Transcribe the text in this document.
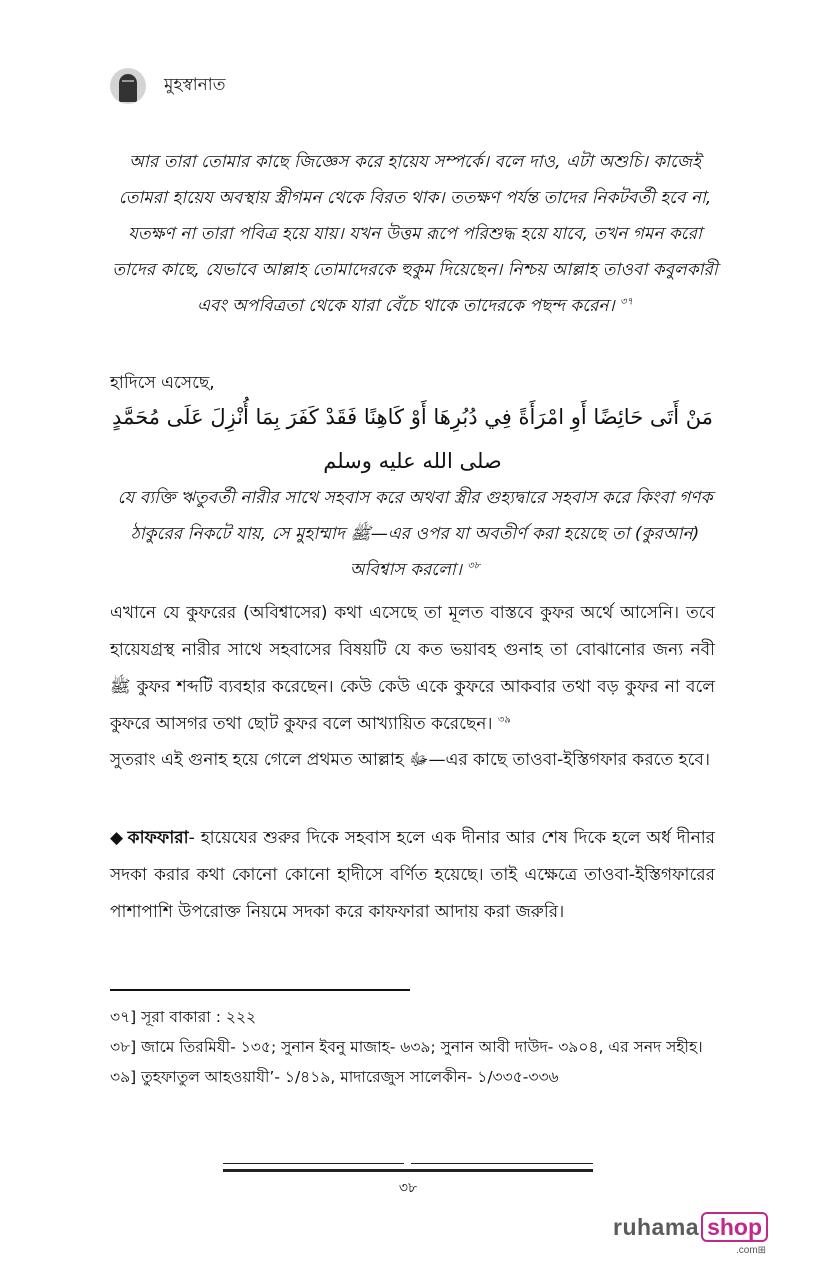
মুহস্বানাত
আর তারা তোমার কাছে জিজ্ঞেস করে হায়েয সম্পর্কে। বলে দাও, এটা অশুচি। কাজেই তোমরা হায়েয অবস্থায় স্ত্রীগমন থেকে বিরত থাক। ততক্ষণ পর্যন্ত তাদের নিকটবর্তী হবে না, যতক্ষণ না তারা পবিত্র হয়ে যায়। যখন উত্তম রূপে পরিশুদ্ধ হয়ে যাবে, তখন গমন করো তাদের কাছে, যেভাবে আল্লাহ তোমাদেরকে হুকুম দিয়েছেন। নিশ্চয় আল্লাহ তাওবা কবুলকারী এবং অপবিত্রতা থেকে যারা বেঁচে থাকে তাদেরকে পছন্দ করেন। $^{৩৭}$
হাদিসে এসেছে,
مَنْ أَتَى حَائِضًا أَوِ امْرَأَةً فِي دُبُرِهَا أَوْ كَاهِنًا فَقَدْ كَفَرَ بِمَا أُنْزِلَ عَلَى مُحَمَّدٍ صلى الله عليه وسلم
যে ব্যক্তি ঋতুবর্তী নারীর সাথে সহবাস করে অথবা স্ত্রীর গুহ্যদ্বারে সহবাস করে কিংবা গণক ঠাকুরের নিকটে যায়, সে মুহাম্মাদ ﷺ—এর ওপর যা অবতীর্ণ করা হয়েছে তা (কুরআন) অবিশ্বাস করলো। $^{৩৮}$
এখানে যে কুফরের (অবিশ্বাসের) কথা এসেছে তা মূলত বাস্তবে কুফর অর্থে আসেনি। তবে হায়েযগ্রস্থ নারীর সাথে সহবাসের বিষয়টি যে কত ভয়াবহ গুনাহ তা বোঝানোর জন্য নবী ﷺ কুফর শব্দটি ব্যবহার করেছেন। কেউ কেউ একে কুফরে আকবার তথা বড় কুফর না বলে কুফরে আসগর তথা ছোট কুফর বলে আখ্যায়িত করেছেন। $^{৩৯}$
সুতরাং এই গুনাহ হয়ে গেলে প্রথমত আল্লাহ ﷻ—এর কাছে তাওবা-ইস্তিগফার করতে হবে।
◆ কাফফারা- হায়েযের শুরুর দিকে সহবাস হলে এক দীনার আর শেষ দিকে হলে অর্ধ দীনার সদকা করার কথা কোনো কোনো হাদীসে বর্ণিত হয়েছে। তাই এক্ষেত্রে তাওবা-ইস্তিগফারের পাশাপাশি উপরোক্ত নিয়মে সদকা করে কাফফারা আদায় করা জরুরি।

৩৭] সূরা বাকারা : ২২২

৩৮] জামে তিরমিযী- ১৩৫; সুনান ইবনু মাজাহ- ৬৩৯; সুনান আবী দাউদ- ৩৯০৪, এর সনদ সহীহ।

৩৯] তুহফাতুল আহওয়াযী’- ১/৪১৯, মাদারেজুস সালেকীন- ১/৩৩৫-৩৩৬

৩৮
ruhama shop
.com⊞
